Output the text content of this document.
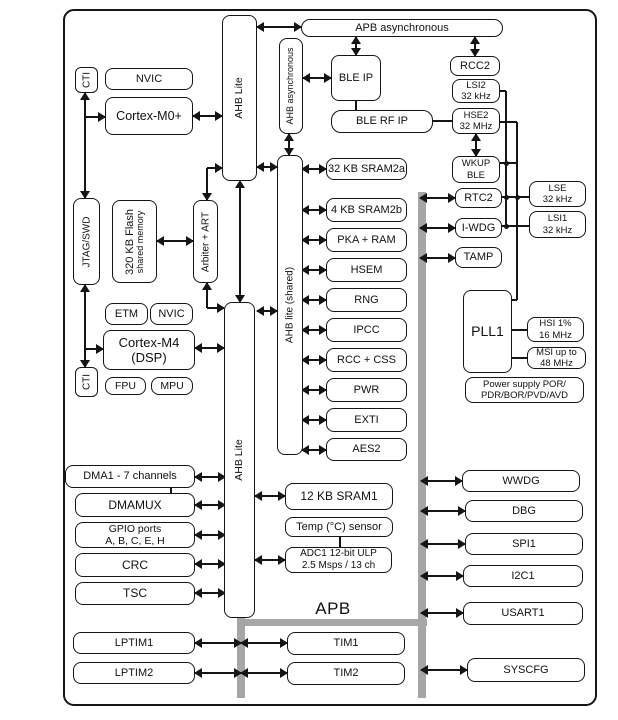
APB
CTI	NVIC
Cortex-M0+	AHB Lite	AHB asynchronous
APB asynchronous
BLE IP
BLE RF IP
RCC2
LSI2
32 kHz
HSE2
32 MHz
WKUP
BLE
AHB lite (shared)
32 KB SRAM2a
4 KB SRAM2b
PKA + RAM
HSEM
RNG
IPCC
RCC + CSS
PWR
EXTI
AES2
RTC2
I-WDG
TAMP
LSE
32 kHz
LSI1
32 kHz
PLL1	HSI 1%
16 MHz
MSI up to
48 MHz
Power supply POR/
PDR/BOR/PVD/AVD
JTAG/SWD	320 KB Flash shared memory	Arbiter + ART
ETM	NVIC
Cortex-M4
(DSP)
CTI	FPU	MPU
AHB Lite
DMA1 - 7 channels
DMAMUX
GPIO ports
A, B, C, E, H
CRC
TSC
LPTIM1
LPTIM2
12 KB SRAM1
Temp (°C) sensor
ADC1 12-bit ULP
2.5 Msps / 13 ch
TIM1
TIM2
WWDG
DBG
SPI1
I2C1
USART1
SYSCFG
